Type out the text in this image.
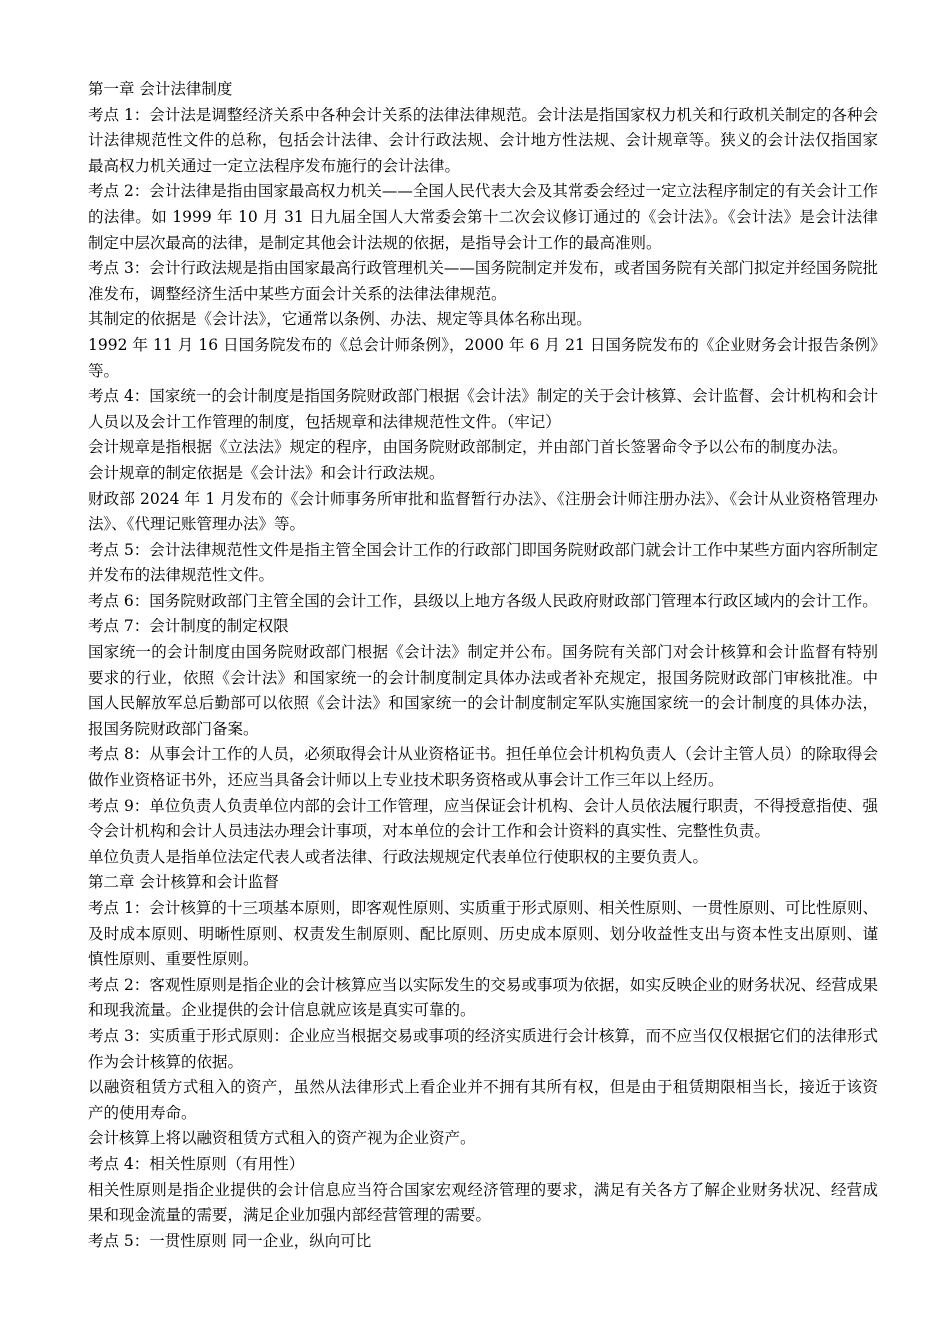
第一章 会计法律制度

考点 1：会计法是调整经济关系中各种会计关系的法律法律规范。会计法是指国家权力机关和行政机关制定的各种会计法律规范性文件的总称，包括会计法律、会计行政法规、会计地方性法规、会计规章等。狭义的会计法仅指国家最高权力机关通过一定立法程序发布施行的会计法律。

考点 2：会计法律是指由国家最高权力机关——全国人民代表大会及其常委会经过一定立法程序制定的有关会计工作的法律。如 1999 年 10 月 31 日九届全国人大常委会第十二次会议修订通过的《会计法》。《会计法》是会计法律制定中层次最高的法律，是制定其他会计法规的依据，是指导会计工作的最高准则。

考点 3：会计行政法规是指由国家最高行政管理机关——国务院制定并发布，或者国务院有关部门拟定并经国务院批准发布，调整经济生活中某些方面会计关系的法律法律规范。

其制定的依据是《会计法》，它通常以条例、办法、规定等具体名称出现。

1992 年 11 月 16 日国务院发布的《总会计师条例》，2000 年 6 月 21 日国务院发布的《企业财务会计报告条例》等。

考点 4：国家统一的会计制度是指国务院财政部门根据《会计法》制定的关于会计核算、会计监督、会计机构和会计人员以及会计工作管理的制度，包括规章和法律规范性文件。（牢记）

会计规章是指根据《立法法》规定的程序，由国务院财政部制定，并由部门首长签署命令予以公布的制度办法。

会计规章的制定依据是《会计法》和会计行政法规。

财政部 2024 年 1 月发布的《会计师事务所审批和监督暂行办法》、《注册会计师注册办法》、《会计从业资格管理办法》、《代理记账管理办法》等。

考点 5：会计法律规范性文件是指主管全国会计工作的行政部门即国务院财政部门就会计工作中某些方面内容所制定并发布的法律规范性文件。

考点 6：国务院财政部门主管全国的会计工作，县级以上地方各级人民政府财政部门管理本行政区域内的会计工作。

考点 7：会计制度的制定权限

国家统一的会计制度由国务院财政部门根据《会计法》制定并公布。国务院有关部门对会计核算和会计监督有特别要求的行业，依照《会计法》和国家统一的会计制度制定具体办法或者补充规定，报国务院财政部门审核批准。中国人民解放军总后勤部可以依照《会计法》和国家统一的会计制度制定军队实施国家统一的会计制度的具体办法，报国务院财政部门备案。

考点 8：从事会计工作的人员，必须取得会计从业资格证书。担任单位会计机构负责人（会计主管人员）的除取得会做作业资格证书外，还应当具备会计师以上专业技术职务资格或从事会计工作三年以上经历。

考点 9：单位负责人负责单位内部的会计工作管理，应当保证会计机构、会计人员依法履行职责，不得授意指使、强令会计机构和会计人员违法办理会计事项，对本单位的会计工作和会计资料的真实性、完整性负责。

单位负责人是指单位法定代表人或者法律、行政法规规定代表单位行使职权的主要负责人。

第二章 会计核算和会计监督

考点 1：会计核算的十三项基本原则，即客观性原则、实质重于形式原则、相关性原则、一贯性原则、可比性原则、及时成本原则、明晰性原则、权责发生制原则、配比原则、历史成本原则、划分收益性支出与资本性支出原则、谨慎性原则、重要性原则。

考点 2：客观性原则是指企业的会计核算应当以实际发生的交易或事项为依据，如实反映企业的财务状况、经营成果和现我流量。企业提供的会计信息就应该是真实可靠的。

考点 3：实质重于形式原则：企业应当根据交易或事项的经济实质进行会计核算，而不应当仅仅根据它们的法律形式作为会计核算的依据。

以融资租赁方式租入的资产，虽然从法律形式上看企业并不拥有其所有权，但是由于租赁期限相当长，接近于该资产的使用寿命。

会计核算上将以融资租赁方式租入的资产视为企业资产。

考点 4：相关性原则（有用性）

相关性原则是指企业提供的会计信息应当符合国家宏观经济管理的要求，满足有关各方了解企业财务状况、经营成果和现金流量的需要，满足企业加强内部经营管理的需要。

考点 5：一贯性原则 同一企业，纵向可比
